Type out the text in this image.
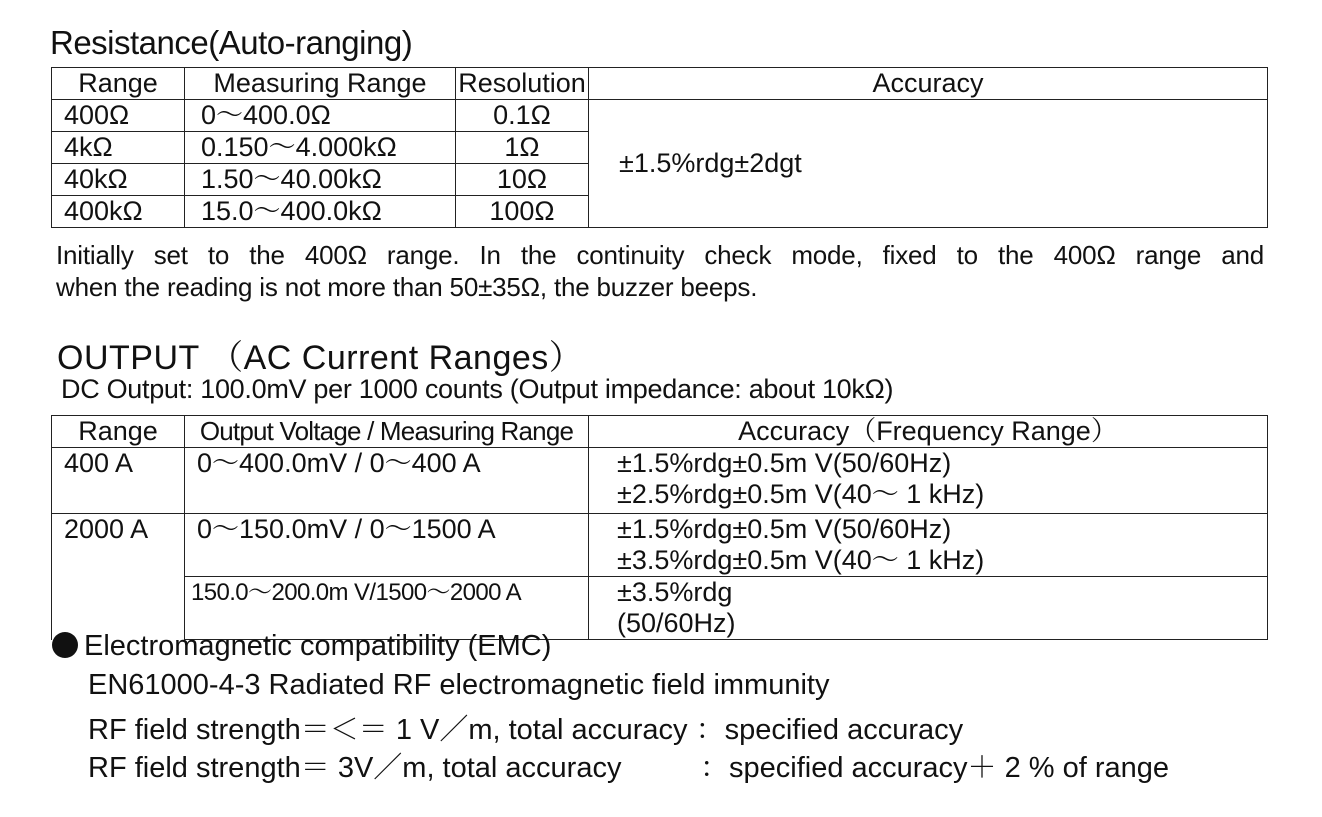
Resistance(Auto-ranging)
Range	Measuring Range	Resolution	Accuracy
400Ω	0～400.0Ω	0.1Ω	±1.5%rdg±2dgt
4kΩ	0.150～4.000kΩ	1Ω	
40kΩ	1.50～40.00kΩ	10Ω	
400kΩ	15.0～400.0kΩ	100Ω	
Initially set to the 400Ω range. In the continuity check mode, fixed to the 400Ω range and
when the reading is not more than 50±35Ω, the buzzer beeps.
OUTPUT （AC Current Ranges）
DC Output: 100.0mV per 1000 counts (Output impedance: about 10kΩ)
Range	Output Voltage / Measuring Range	Accuracy（Frequency Range）
400 A	0～400.0mV / 0～400 A	±1.5%rdg±0.5m V(50/60Hz)
±2.5%rdg±0.5m V(40～ 1 kHz)

2000 A	0～150.0mV / 0～1500 A	±1.5%rdg±0.5m V(50/60Hz)
±3.5%rdg±0.5m V(40～ 1 kHz)

	150.0～200.0m V/1500～2000 A	±3.5%rdg
(50/60Hz)
Electromagnetic compatibility (EMC)
EN61000-4-3 Radiated RF electromagnetic field immunity
RF field strength＝＜＝ 1 V／m, total accuracy ：specified accuracy
RF field strength＝ 3V／m, total accuracy	：specified accuracy＋ 2 % of range
